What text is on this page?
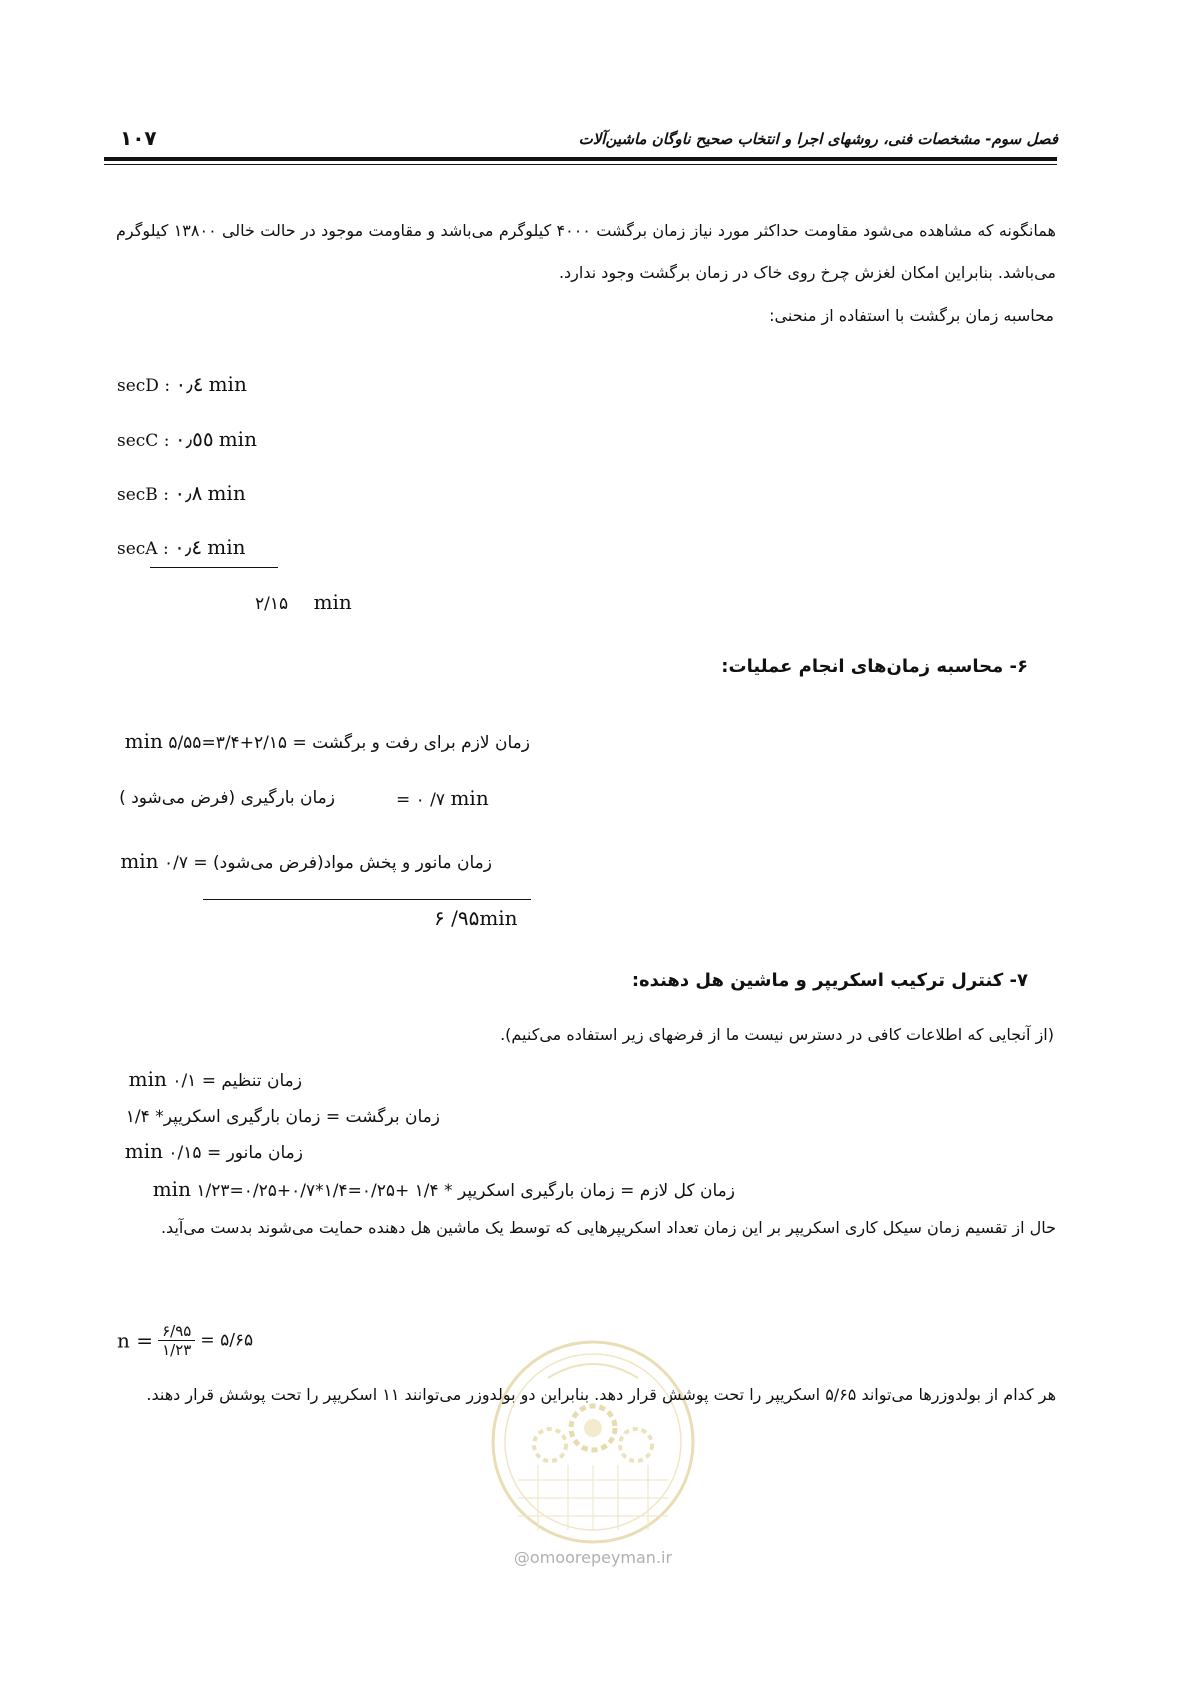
۱۰۷	فصل سوم- مشخصات فنی، روشهای اجرا و انتخاب صحیح ناوگان ماشین‌آلات
همانگونه که مشاهده می‌شود مقاومت حداکثر مورد نیاز زمان برگشت ۴۰۰۰ کیلوگرم می‌باشد و مقاومت موجود در حالت خالی ۱۳۸۰۰ کیلوگرم می‌باشد. بنابراین امکان لغزش چرخ روی خاک در زمان برگشت وجود ندارد.
محاسبه زمان برگشت با استفاده از منحنی:
secD : ۰٫٤ min
secC : ۰٫٥٥ min
secB : ۰٫۸ min
secA : ۰٫٤ min
۲/۱۵ min
۶- محاسبه زمان‌های انجام عملیات:
زمان لازم برای رفت و برگشت = ۲/۱۵+۳/۴=۵/۵۵ min
زمان بارگیری (فرض می‌شود )	= ۰ /۷ min
زمان مانور و پخش مواد(فرض می‌شود) = ۰/۷ min
۶ /۹۵min
۷- کنترل ترکیب اسکریپر و ماشین هل دهنده:
(از آنجایی که اطلاعات کافی در دسترس نیست ما از فرضهای زیر استفاده می‌کنیم).
زمان تنظیم = ۰/۱ min
زمان برگشت = زمان بارگیری اسکریپر* ۱/۴
زمان مانور = ۰/۱۵ min
زمان کل لازم = زمان بارگیری اسکریپر * ۱/۴ +۰/۲۵=۱/۴*۰/۷+۰/۲۵=۱/۲۳ min
حال از تقسیم زمان سیکل کاری اسکریپر بر این زمان تعداد اسکریپرهایی که توسط یک ماشین هل دهنده حمایت می‌شوند بدست می‌آید.
$n = \frac{۶/۹۵}{۱/۲۳}$ = ۵/۶۵
@omoorepeyman.ir
هر کدام از بولدوزرها می‌تواند ۵/۶۵ اسکریپر را تحت پوشش قرار دهد. بنابراین دو بولدوزر می‌توانند ۱۱ اسکریپر را تحت پوشش قرار دهند.
